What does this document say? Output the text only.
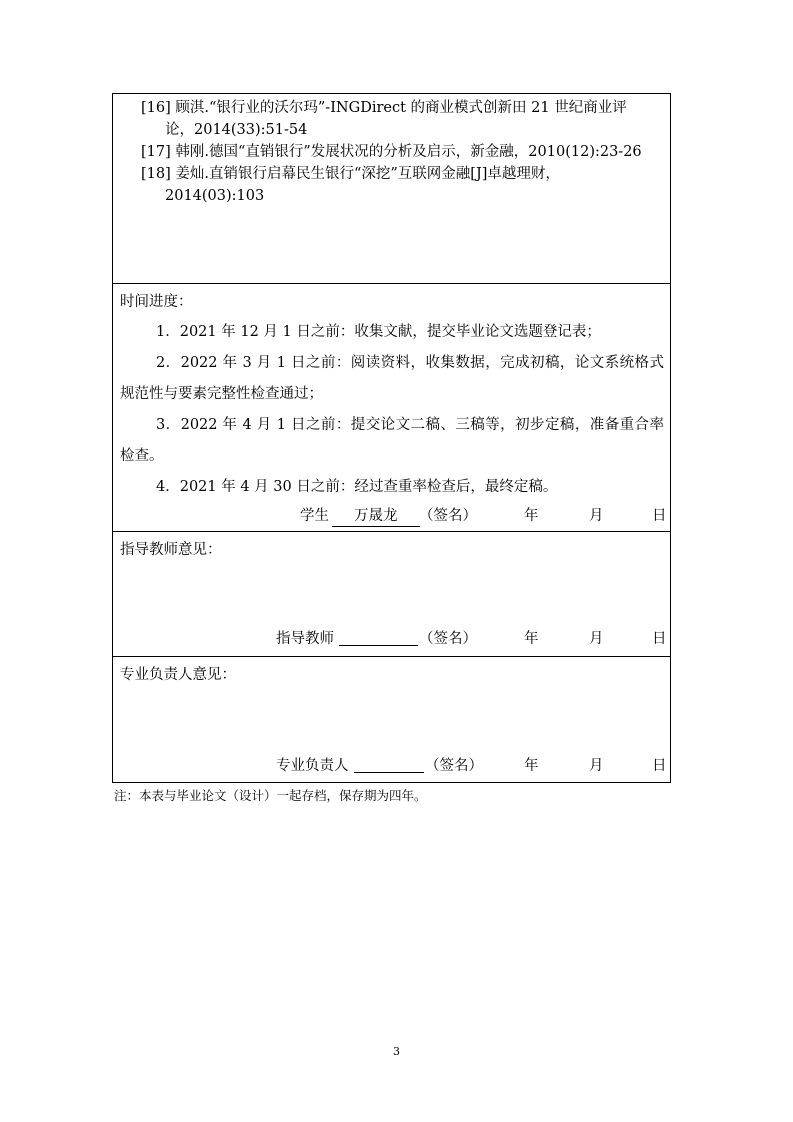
[16] 顾淇.“银行业的沃尔玛”-INGDirect 的商业模式创新田 21 世纪商业评
论，2014(33):51-54
[17] 韩刚.德国“直销银行”发展状况的分析及启示，新金融，2010(12):23-26
[18] 姜灿.直销银行启幕民生银行“深挖”互联网金融[J]卓越理财，
2014(03):103
时间进度：
1．2021 年 12 月 1 日之前：收集文献，提交毕业论文选题登记表；
2．2022 年 3 月 1 日之前：阅读资料，收集数据，完成初稿，论文系统格式规范性与要素完整性检查通过；
3．2022 年 4 月 1 日之前：提交论文二稿、三稿等，初步定稿，准备重合率检查。
4．2021 年 4 月 30 日之前：经过查重率检查后，最终定稿。
学生	万晟龙	（签名）	年	月	日
指导教师意见：
指导教师	（签名）	年	月	日
专业负责人意见：
专业负责人	（签名）	年	月	日
注：本表与毕业论文（设计）一起存档，保存期为四年。
3
